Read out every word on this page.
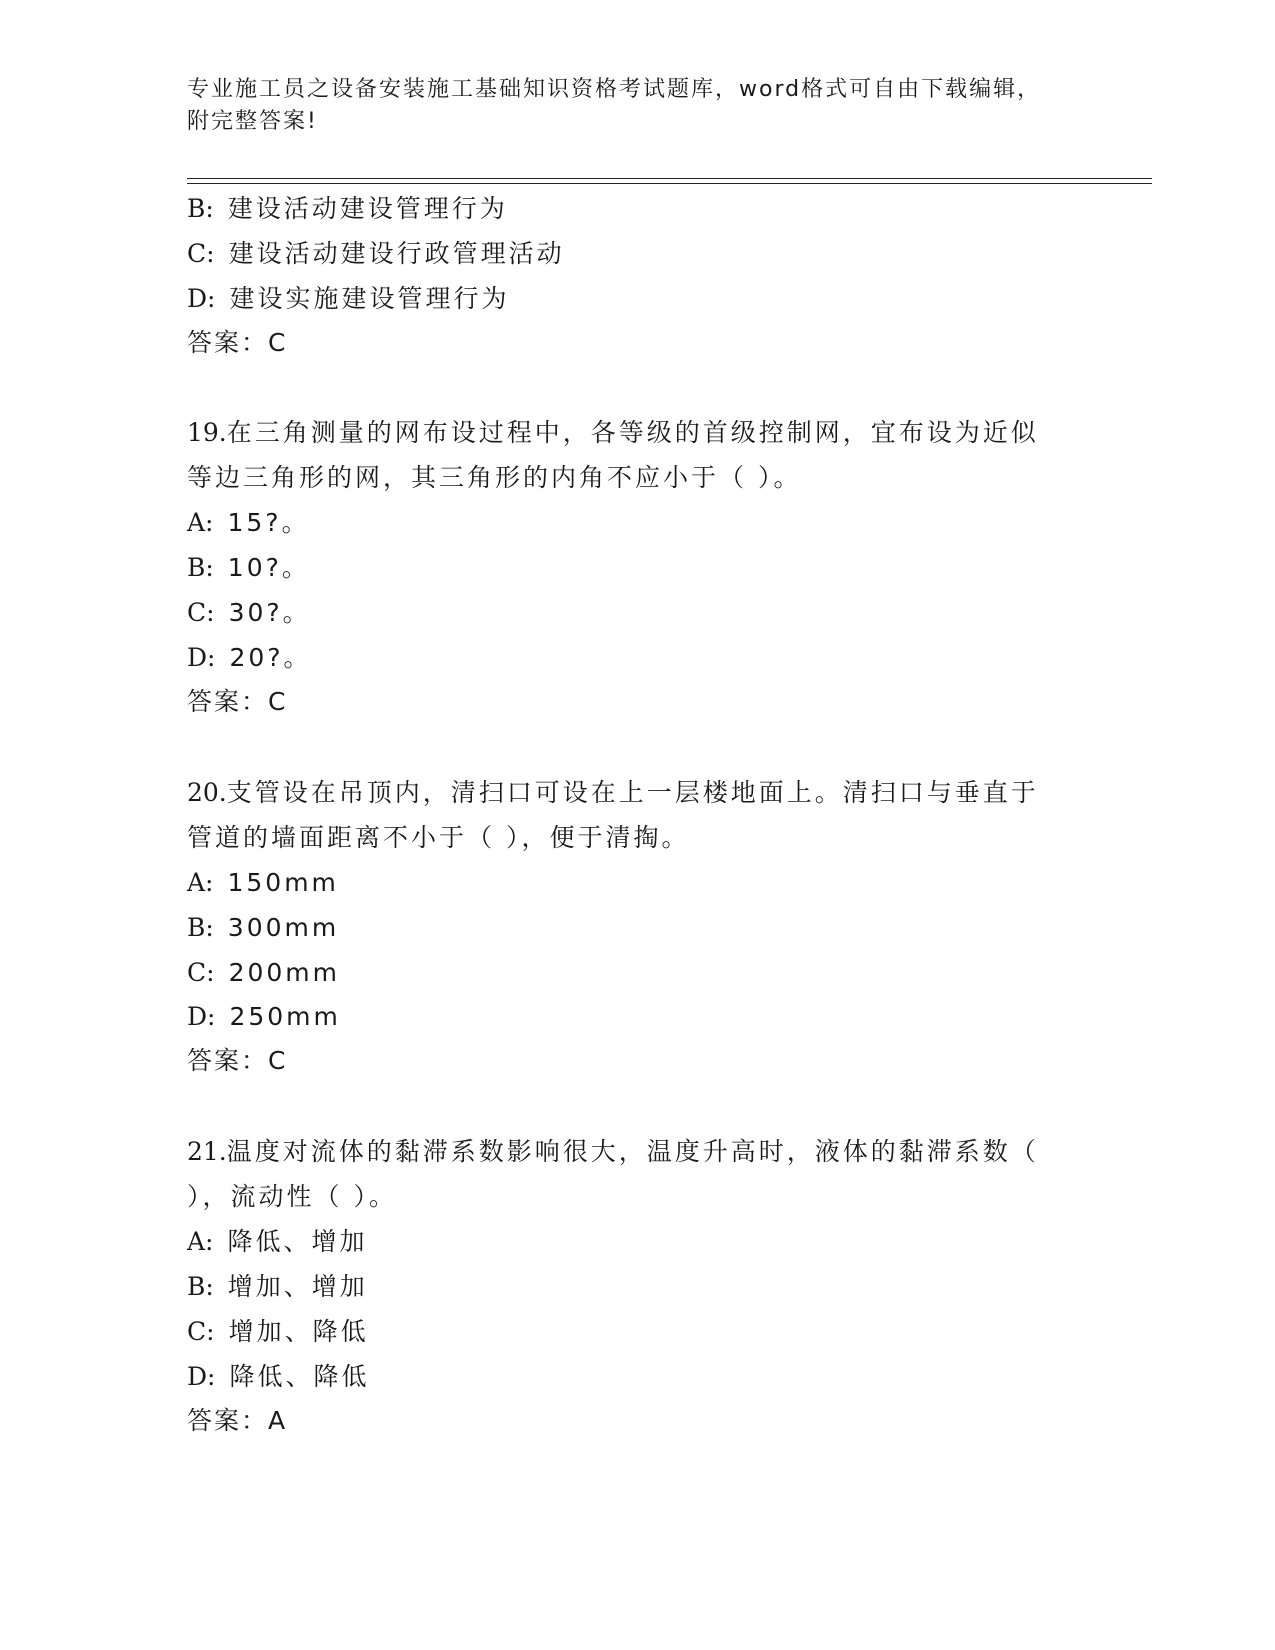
专业施工员之设备安装施工基础知识资格考试题库，word格式可自由下载编辑，
附完整答案!
B: 建设活动建设管理行为
C: 建设活动建设行政管理活动
D: 建设实施建设管理行为
答案：C
19.在三角测量的网布设过程中，各等级的首级控制网，宜布设为近似
等边三角形的网，其三角形的内角不应小于（ ）。
A: 15?。
B: 10?。
C: 30?。
D: 20?。
答案：C
20.支管设在吊顶内，清扫口可设在上一层楼地面上。清扫口与垂直于
管道的墙面距离不小于（ ），便于清掏。
A: 150mm
B: 300mm
C: 200mm
D: 250mm
答案：C
21.温度对流体的黏滞系数影响很大，温度升高时，液体的黏滞系数（
），流动性（ ）。
A: 降低、增加
B: 增加、增加
C: 增加、降低
D: 降低、降低
答案：A
